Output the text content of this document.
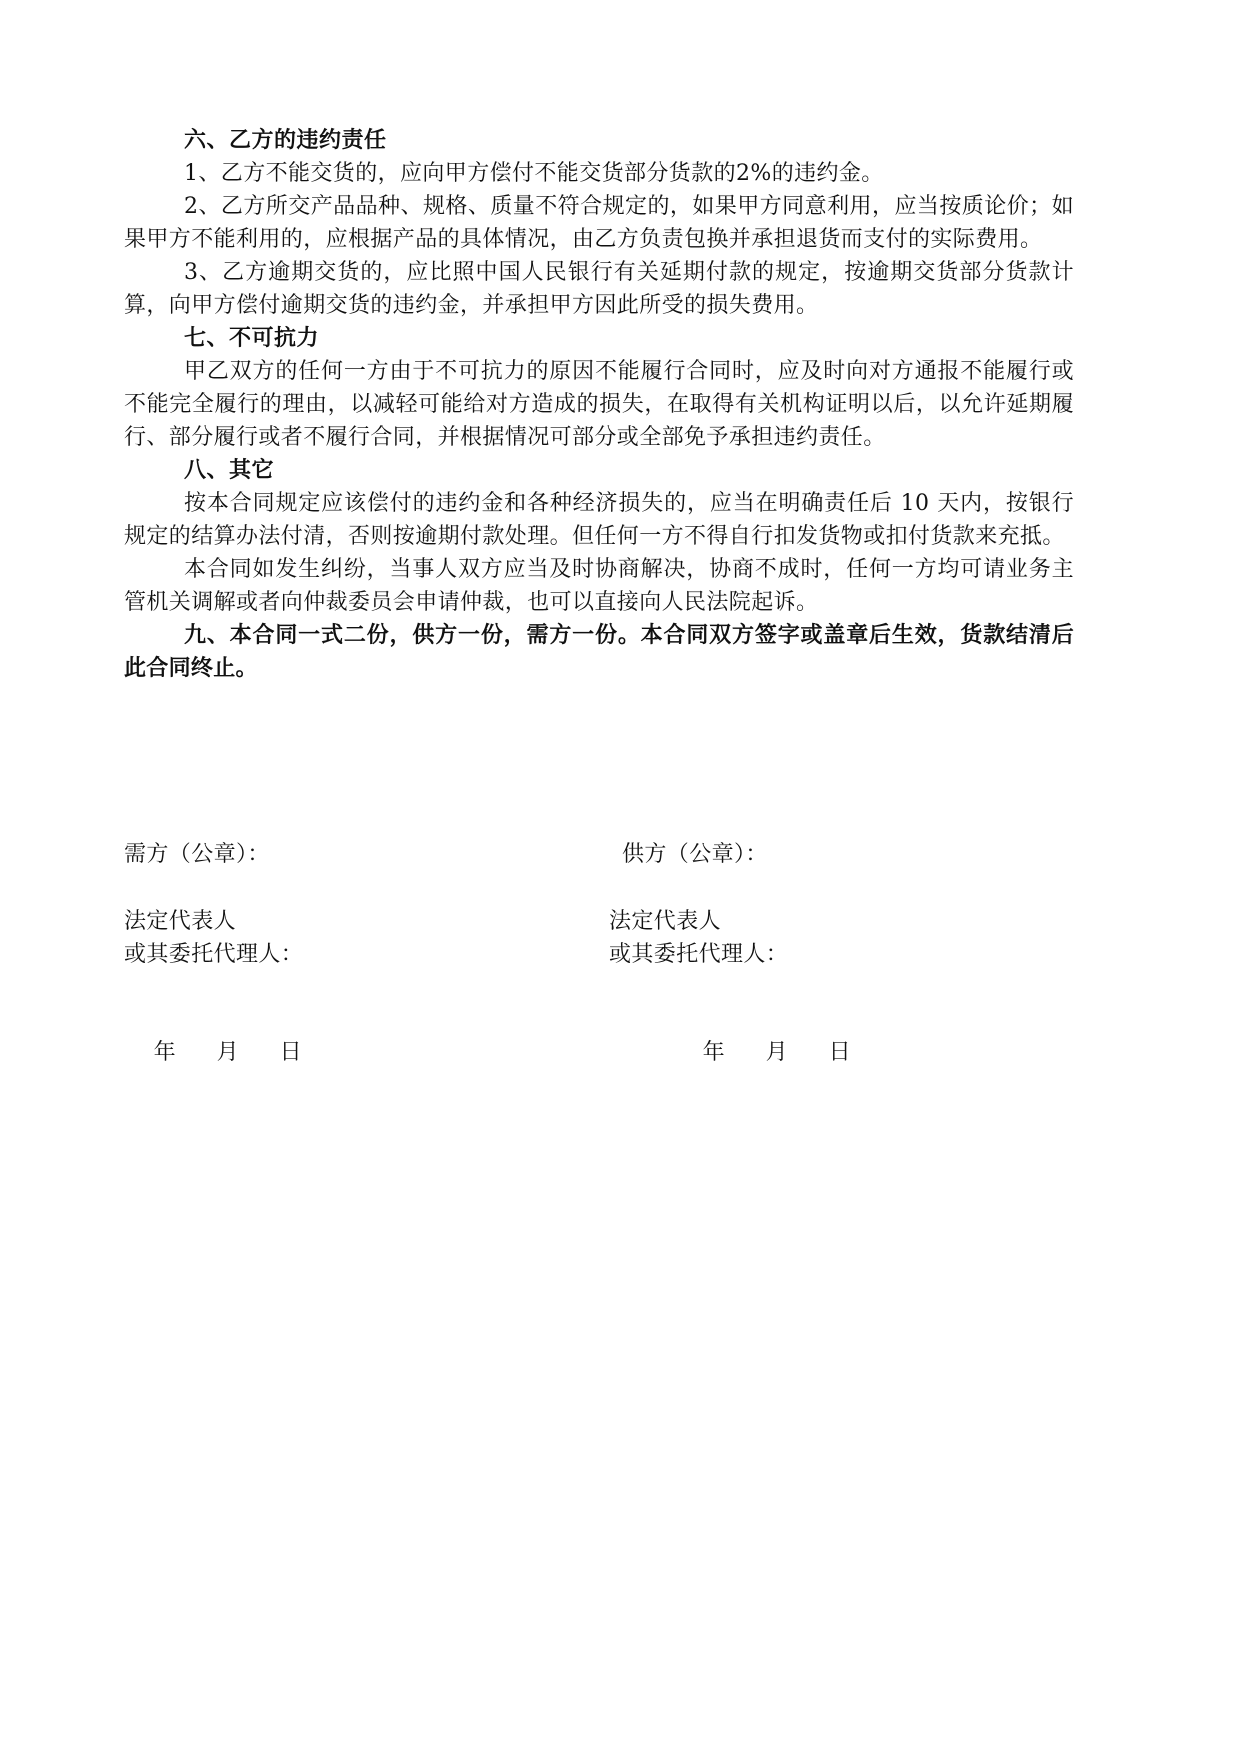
六、乙方的违约责任

1、乙方不能交货的，应向甲方偿付不能交货部分货款的2%的违约金。

2、乙方所交产品品种、规格、质量不符合规定的，如果甲方同意利用，应当按质论价；如果甲方不能利用的，应根据产品的具体情况，由乙方负责包换并承担退货而支付的实际费用。

3、乙方逾期交货的，应比照中国人民银行有关延期付款的规定，按逾期交货部分货款计算，向甲方偿付逾期交货的违约金，并承担甲方因此所受的损失费用。

七、不可抗力

甲乙双方的任何一方由于不可抗力的原因不能履行合同时，应及时向对方通报不能履行或不能完全履行的理由，以减轻可能给对方造成的损失，在取得有关机构证明以后，以允许延期履行、部分履行或者不履行合同，并根据情况可部分或全部免予承担违约责任。

八、其它

按本合同规定应该偿付的违约金和各种经济损失的，应当在明确责任后 10 天内，按银行规定的结算办法付清，否则按逾期付款处理。但任何一方不得自行扣发货物或扣付货款来充抵。

本合同如发生纠纷，当事人双方应当及时协商解决，协商不成时，任何一方均可请业务主管机关调解或者向仲裁委员会申请仲裁，也可以直接向人民法院起诉。

九、本合同一式二份，供方一份，需方一份。本合同双方签字或盖章后生效，货款结清后此合同终止。

需方（公章）：
法定代表人
或其委托代理人：

年 月 日

供方（公章）：
法定代表人
或其委托代理人：

年 月 日
